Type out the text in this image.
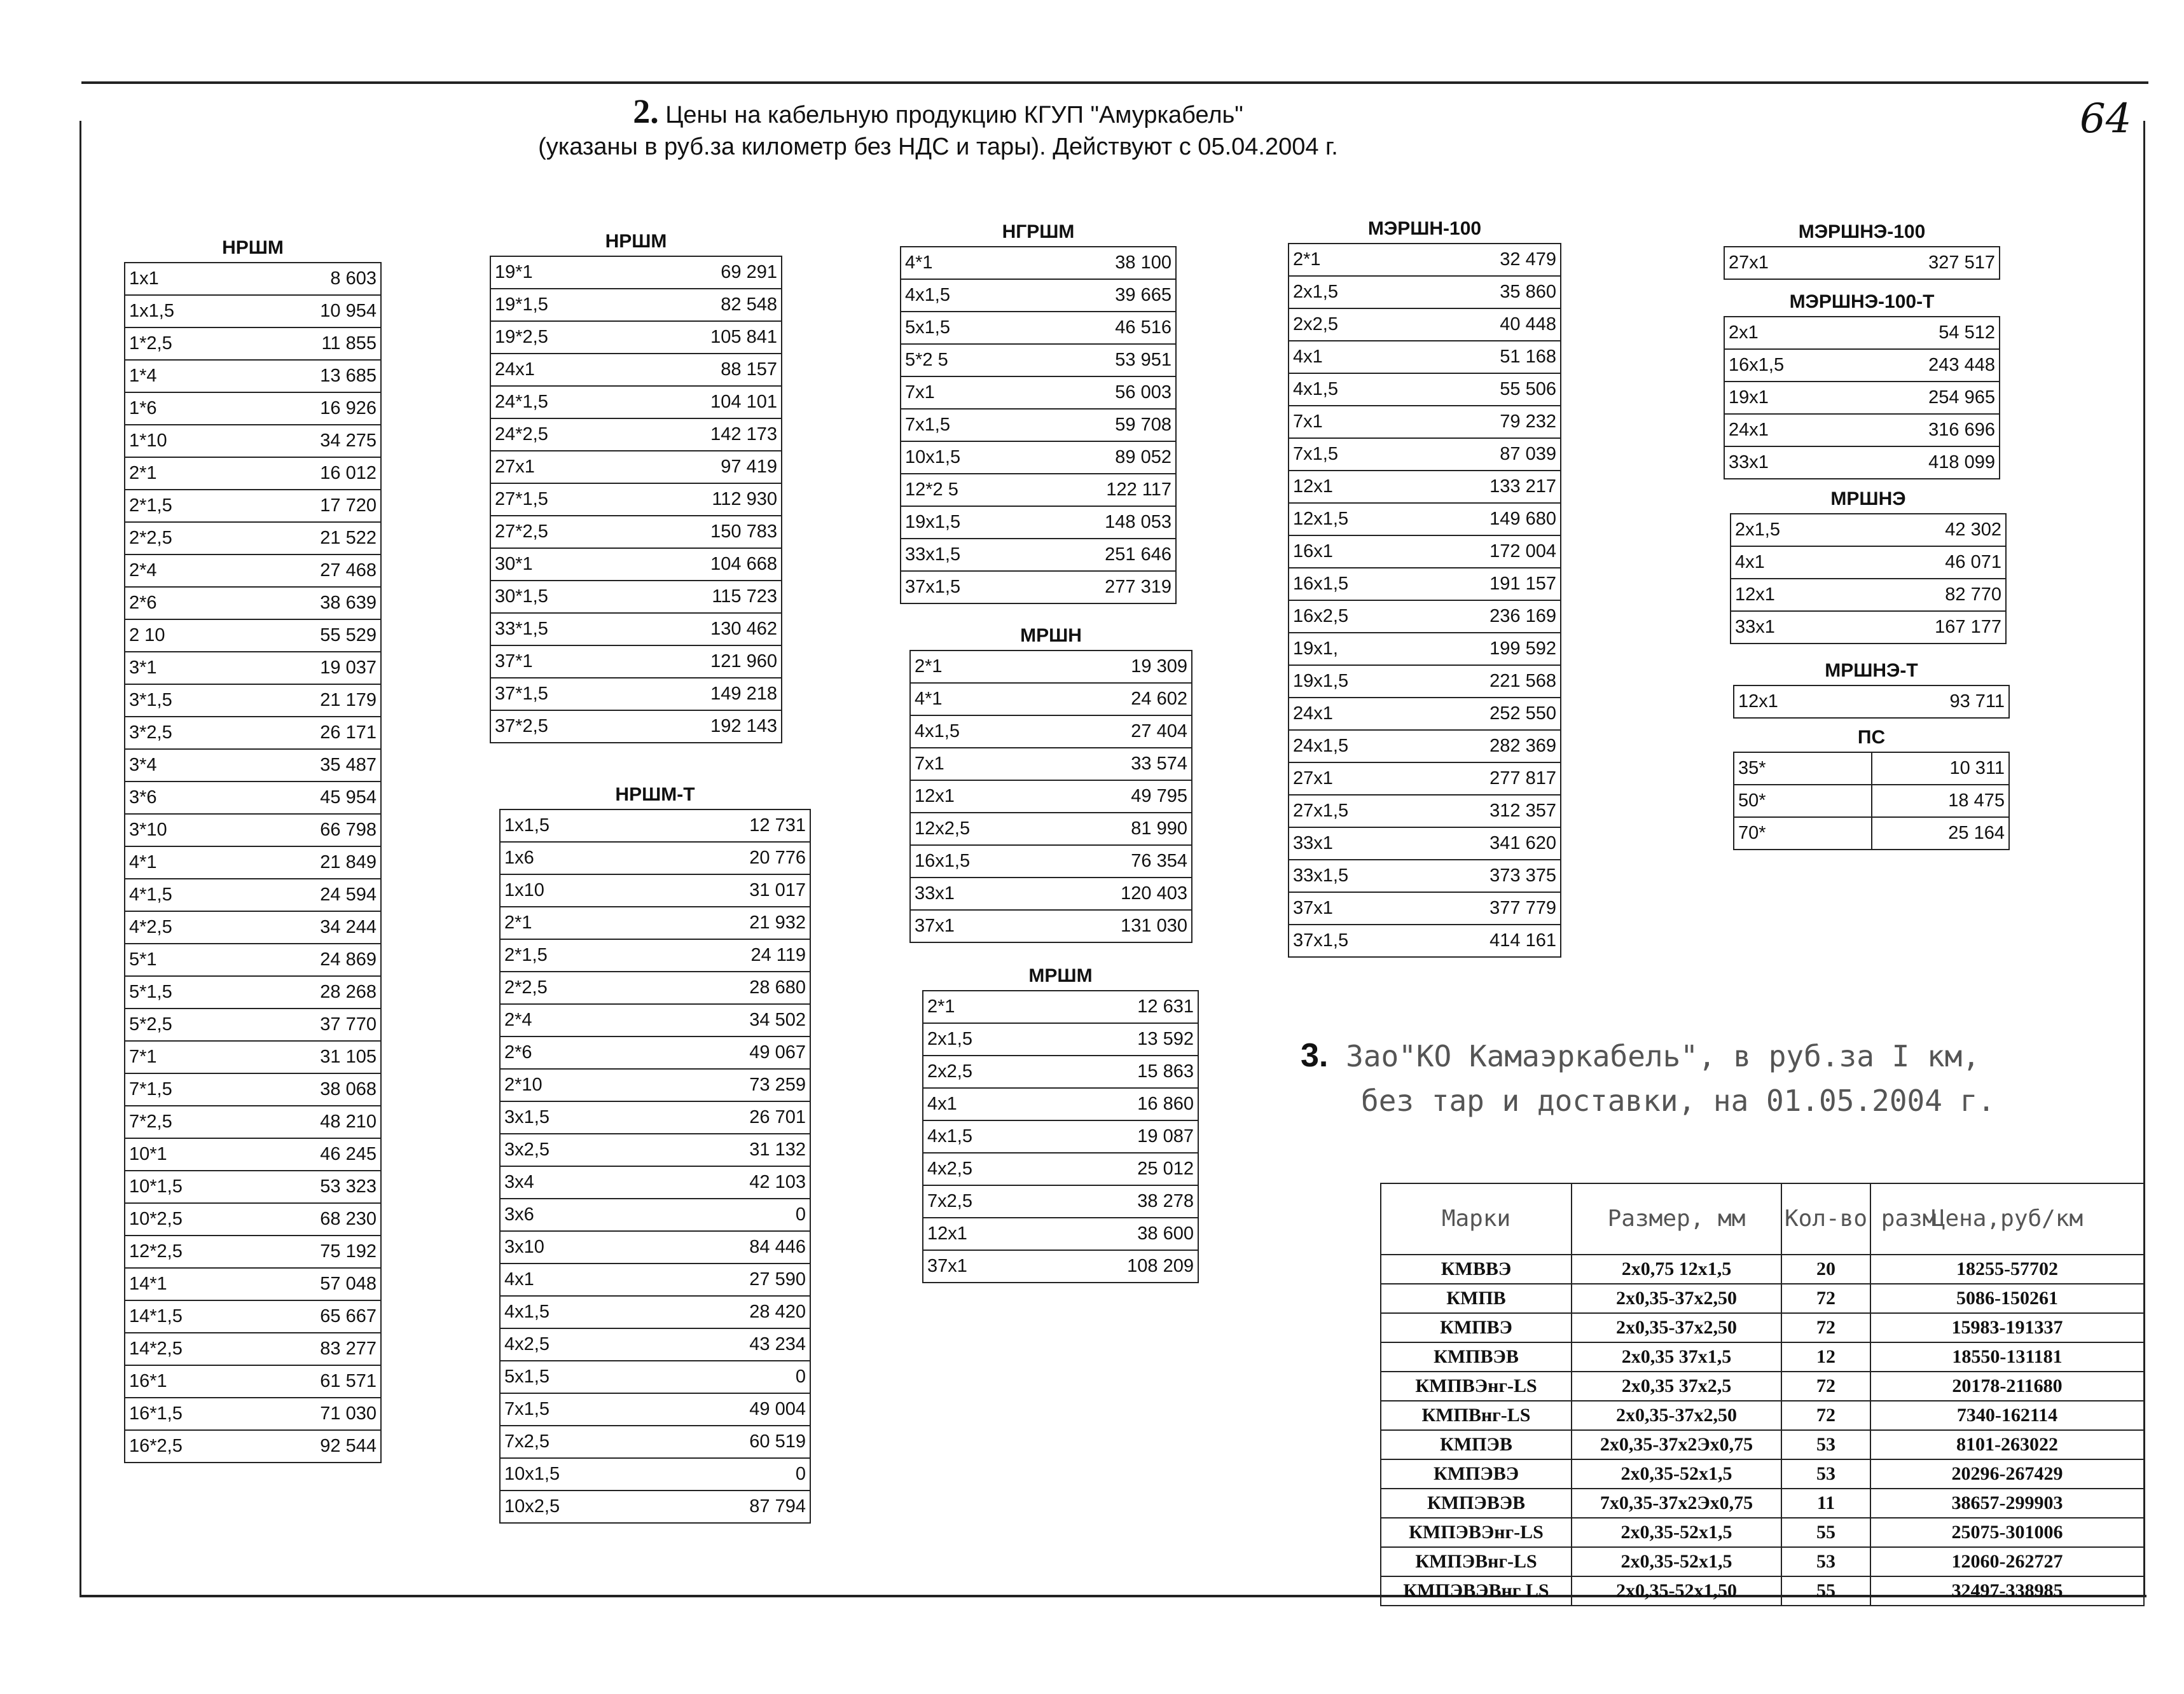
2. Цены на кабельную продукцию КГУП "Амуркабель"
(указаны в руб.за километр без НДС и тары). Действуют с 05.04.2004 г.
64
НРШМ
1x1	8 603
1x1,5	10 954
1*2,5	11 855
1*4	13 685
1*6	16 926
1*10	34 275
2*1	16 012
2*1,5	17 720
2*2,5	21 522
2*4	27 468
2*6	38 639
2 10	55 529
3*1	19 037
3*1,5	21 179
3*2,5	26 171
3*4	35 487
3*6	45 954
3*10	66 798
4*1	21 849
4*1,5	24 594
4*2,5	34 244
5*1	24 869
5*1,5	28 268
5*2,5	37 770
7*1	31 105
7*1,5	38 068
7*2,5	48 210
10*1	46 245
10*1,5	53 323
10*2,5	68 230
12*2,5	75 192
14*1	57 048
14*1,5	65 667
14*2,5	83 277
16*1	61 571
16*1,5	71 030
16*2,5	92 544
НРШМ
19*1	69 291
19*1,5	82 548
19*2,5	105 841
24x1	88 157
24*1,5	104 101
24*2,5	142 173
27x1	97 419
27*1,5	112 930
27*2,5	150 783
30*1	104 668
30*1,5	115 723
33*1,5	130 462
37*1	121 960
37*1,5	149 218
37*2,5	192 143
НРШМ-Т
1x1,5	12 731
1x6	20 776
1x10	31 017
2*1	21 932
2*1,5	24 119
2*2,5	28 680
2*4	34 502
2*6	49 067
2*10	73 259
3x1,5	26 701
3x2,5	31 132
3x4	42 103
3x6	0
3x10	84 446
4x1	27 590
4x1,5	28 420
4x2,5	43 234
5x1,5	0
7x1,5	49 004
7x2,5	60 519
10x1,5	0
10x2,5	87 794
НГРШМ
4*1	38 100
4x1,5	39 665
5x1,5	46 516
5*2 5	53 951
7x1	56 003
7x1,5	59 708
10x1,5	89 052
12*2 5	122 117
19x1,5	148 053
33x1,5	251 646
37x1,5	277 319
МРШН
2*1	19 309
4*1	24 602
4x1,5	27 404
7x1	33 574
12x1	49 795
12x2,5	81 990
16x1,5	76 354
33x1	120 403
37x1	131 030
МРШМ
2*1	12 631
2x1,5	13 592
2x2,5	15 863
4x1	16 860
4x1,5	19 087
4x2,5	25 012
7x2,5	38 278
12x1	38 600
37x1	108 209
МЭРШН-100
2*1	32 479
2x1,5	35 860
2x2,5	40 448
4x1	51 168
4x1,5	55 506
7x1	79 232
7x1,5	87 039
12x1	133 217
12x1,5	149 680
16x1	172 004
16x1,5	191 157
16x2,5	236 169
19x1,	199 592
19x1,5	221 568
24x1	252 550
24x1,5	282 369
27x1	277 817
27x1,5	312 357
33x1	341 620
33x1,5	373 375
37x1	377 779
37x1,5	414 161
МЭРШНЭ-100
27x1	327 517
МЭРШНЭ-100-Т
2x1	54 512
16x1,5	243 448
19x1	254 965
24x1	316 696
33x1	418 099
МРШНЭ
2x1,5	42 302
4x1	46 071
12x1	82 770
33x1	167 177
МРШНЭ-Т
12x1	93 711
ПС
35*	10 311
50*	18 475
70*	25 164
3. Зао"КО Камаэркабель", в руб.за I км,
без тар и доставки, на 01.05.2004 г.
Марки	Размер, мм	Кол-во разм	Цена,руб/км
КМВВЭ	2х0,75 12х1,5	20	18255-57702
КМПВ	2х0,35-37х2,50	72	5086-150261
КМПВЭ	2х0,35-37х2,50	72	15983-191337
КМПВЭВ	2х0,35 37х1,5	12	18550-131181
КМПВЭнг-LS	2х0,35 37х2,5	72	20178-211680
КМПВнг-LS	2х0,35-37х2,50	72	7340-162114
КМПЭВ	2х0,35-37х2Эх0,75	53	8101-263022
КМПЭВЭ	2х0,35-52х1,5	53	20296-267429
КМПЭВЭВ	7х0,35-37х2Эх0,75	11	38657-299903
КМПЭВЭнг-LS	2х0,35-52х1,5	55	25075-301006
КМПЭВнг-LS	2х0,35-52х1,5	53	12060-262727
КМПЭВЭВнг LS	2х0,35-52х1,50	55	32497-338985
